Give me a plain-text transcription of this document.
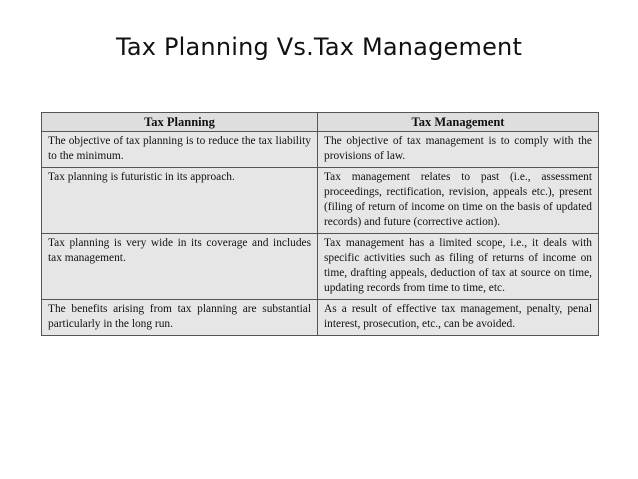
Tax Planning Vs.Tax Management
Tax Planning	Tax Management
The objective of tax planning is to reduce the tax liability to the minimum.	The objective of tax management is to comply with the provisions of law.
Tax planning is futuristic in its approach.	Tax management relates to past (i.e., assessment proceedings, rectification, revision, appeals etc.), present (filing of return of income on time on the basis of updated records) and future (corrective action).
Tax planning is very wide in its coverage and includes tax management.	Tax management has a limited scope, i.e., it deals with specific activities such as filing of returns of income on time, drafting appeals, deduction of tax at source on time, updating records from time to time, etc.
The benefits arising from tax planning are substantial particularly in the long run.	As a result of effective tax management, penalty, penal interest, prosecution, etc., can be avoided.
